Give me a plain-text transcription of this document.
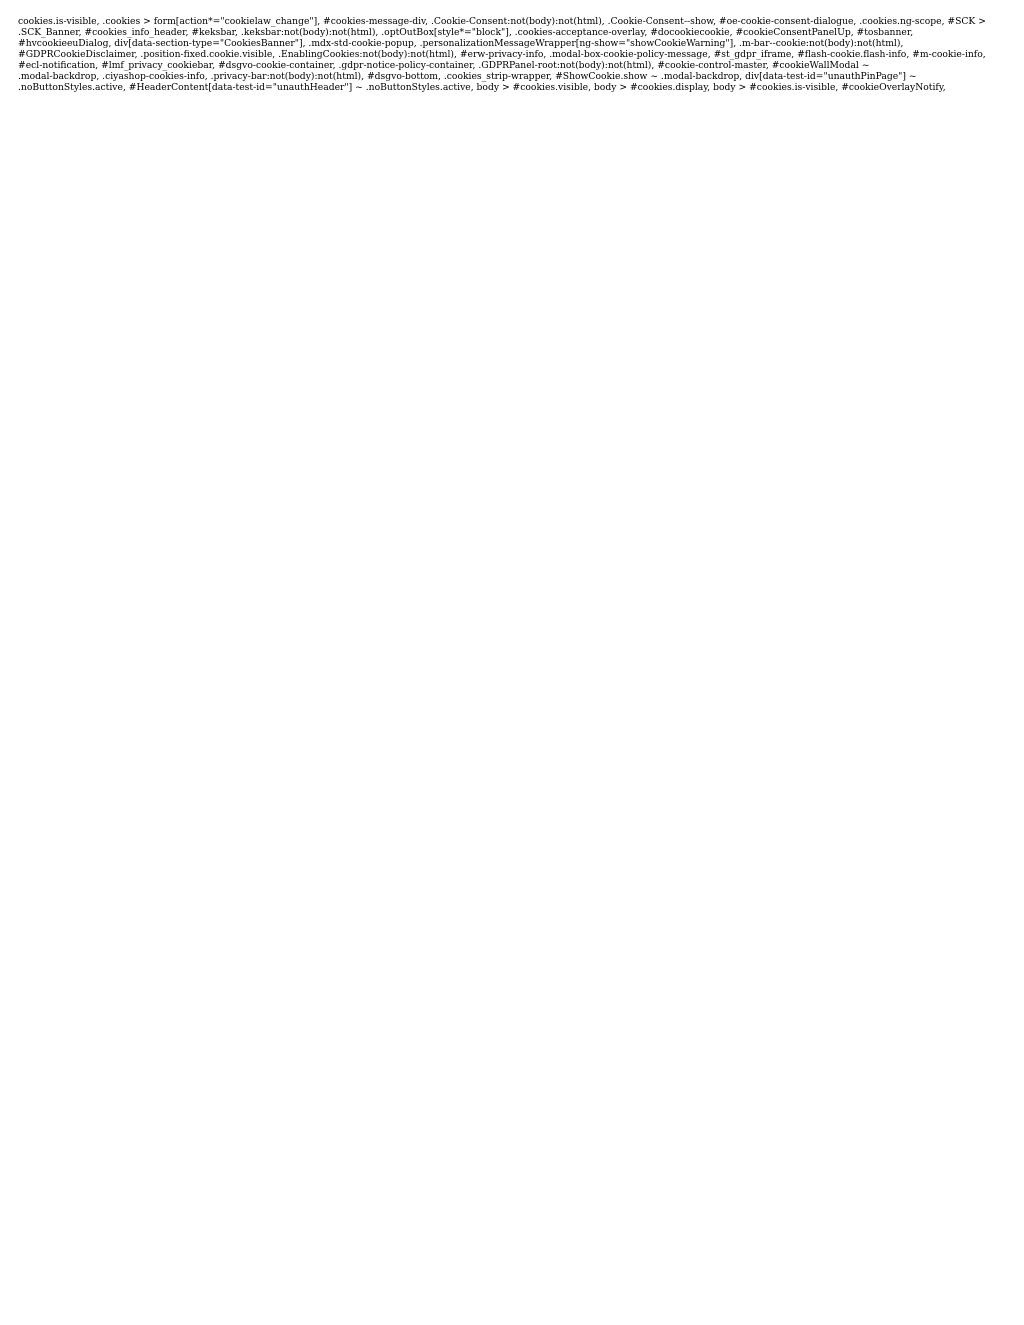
cookies.is-visible, .cookies > form[action*="cookielaw_change"], #cookies-message-div, .Cookie-Consent:not(body):not(html), .Cookie-Consent--show, #oe-cookie-consent-dialogue, .cookies.ng-scope, #SCK >
.SCK_Banner, #cookies_info_header, #keksbar, .keksbar:not(body):not(html), .optOutBox[style*="block"], .cookies-acceptance-overlay, #docookiecookie, #cookieConsentPanelUp, #tosbanner,
#hvcookieeuDialog, div[data-section-type="CookiesBanner"], .mdx-std-cookie-popup, .personalizationMessageWrapper[ng-show="showCookieWarning"], .m-bar--cookie:not(body):not(html),
#GDPRCookieDisclaimer, .position-fixed.cookie.visible, .EnablingCookies:not(body):not(html), #erw-privacy-info, .modal-box-cookie-policy-message, #st_gdpr_iframe, #flash-cookie.flash-info, #m-cookie-info,
#ecl-notification, #lmf_privacy_cookiebar, #dsgvo-cookie-container, .gdpr-notice-policy-container, .GDPRPanel-root:not(body):not(html), #cookie-control-master, #cookieWallModal ~
.modal-backdrop, .ciyashop-cookies-info, .privacy-bar:not(body):not(html), #dsgvo-bottom, .cookies_strip-wrapper, #ShowCookie.show ~ .modal-backdrop, div[data-test-id="unauthPinPage"] ~
.noButtonStyles.active, #HeaderContent[data-test-id="unauthHeader"] ~ .noButtonStyles.active, body > #cookies.visible, body > #cookies.display, body > #cookies.is-visible, #cookieOverlayNotify,
